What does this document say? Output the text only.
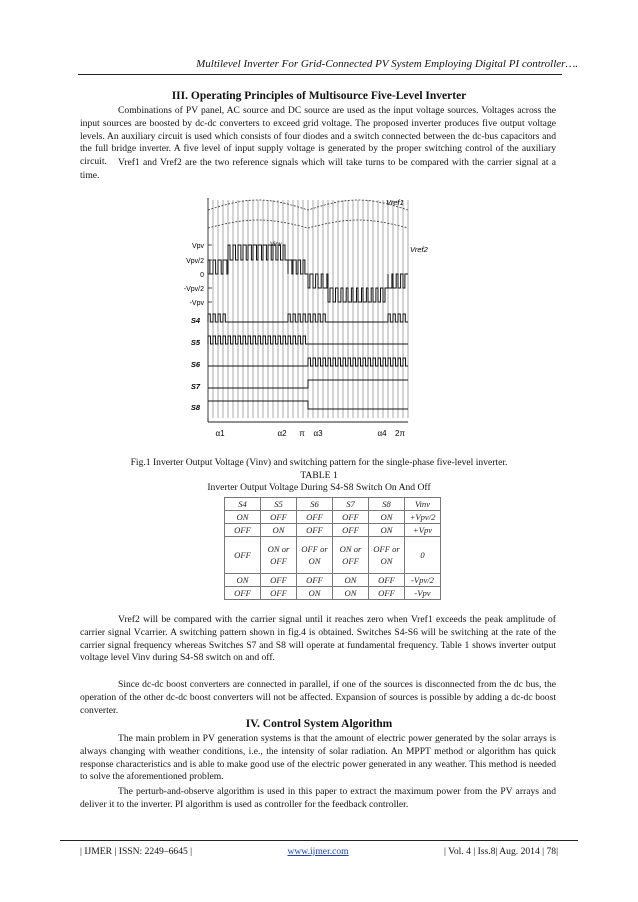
Multilevel Inverter For Grid-Connected PV System Employing Digital PI controller….
III. Operating Principles of Multisource Five-Level Inverter
Combinations of PV panel, AC source and DC source are used as the input voltage sources. Voltages across the input sources are boosted by dc-dc converters to exceed grid voltage. The proposed inverter produces five output voltage levels. An auxiliary circuit is used which consists of four diodes and a switch connected between the dc-bus capacitors and the full bridge inverter. A five level of input supply voltage is generated by the proper switching control of the auxiliary circuit.	Vref1 and Vref2 are the two reference signals which will take turns to be compared with the carrier signal at a time.
Vref1
Vref2
Vinv
Vpv
Vpv/2
0
-Vpv/2
-Vpv
S4
S5
S6
S7
S8
α1	α2 π α3	α4 2π
Fig.1 Inverter Output Voltage (Vinv) and switching pattern for the single-phase five-level inverter.
TABLE 1
Inverter Output Voltage During S4-S8 Switch On And Off
S4	S5	S6	S7	S8	Vinv
ON	OFF	OFF	OFF	ON	+Vpv/2
OFF	ON	OFF	OFF	ON	+Vpv
OFF	ON or OFF	OFF or ON	ON or OFF	OFF or ON	0
ON	OFF	OFF	ON	OFF	-Vpv/2
OFF	OFF	ON	ON	OFF	-Vpv
Vref2 will be compared with the carrier signal until it reaches zero when Vref1 exceeds the peak amplitude of carrier signal Vcarrier. A switching pattern shown in fig.4 is obtained. Switches S4-S6 will be switching at the rate of the carrier signal frequency whereas Switches S7 and S8 will operate at fundamental frequency. Table 1 shows inverter output voltage level Vinv during S4-S8 switch on and off.
Since dc-dc boost converters are connected in parallel, if one of the sources is disconnected from the dc bus, the operation of the other dc-dc boost converters will not be affected. Expansion of sources is possible by adding a dc-dc boost converter.
IV. Control System Algorithm
The main problem in PV generation systems is that the amount of electric power generated by the solar arrays is always changing with weather conditions, i.e., the intensity of solar radiation. An MPPT method or algorithm has quick response characteristics and is able to make good use of the electric power generated in any weather. This method is needed to solve the aforementioned problem.
The perturb-and-observe algorithm is used in this paper to extract the maximum power from the PV arrays and deliver it to the inverter. PI algorithm is used as controller for the feedback controller.
| IJMER | ISSN: 2249–6645 |	www.ijmer.com	| Vol. 4 | Iss.8| Aug. 2014 | 78|
